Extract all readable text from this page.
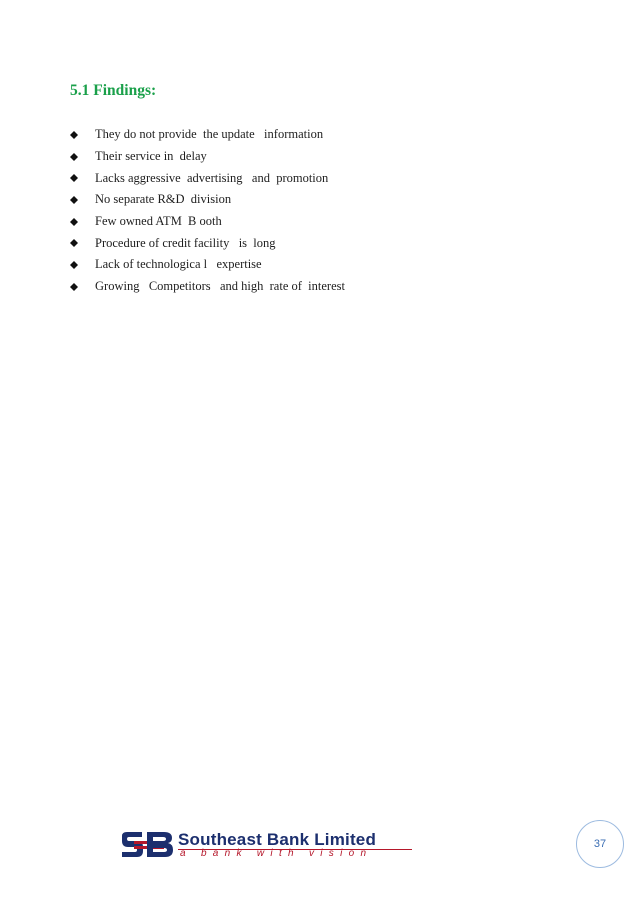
5.1 Findings:
They do not provide  the update   information
Their service in  delay
Lacks aggressive  advertising   and  promotion
No separate R&D  division
Few owned ATM  B ooth
Procedure of credit facility   is  long
Lack of technologica l   expertise
Growing   Competitors   and high  rate of  interest
Southeast Bank Limited
a bank with vision
37
